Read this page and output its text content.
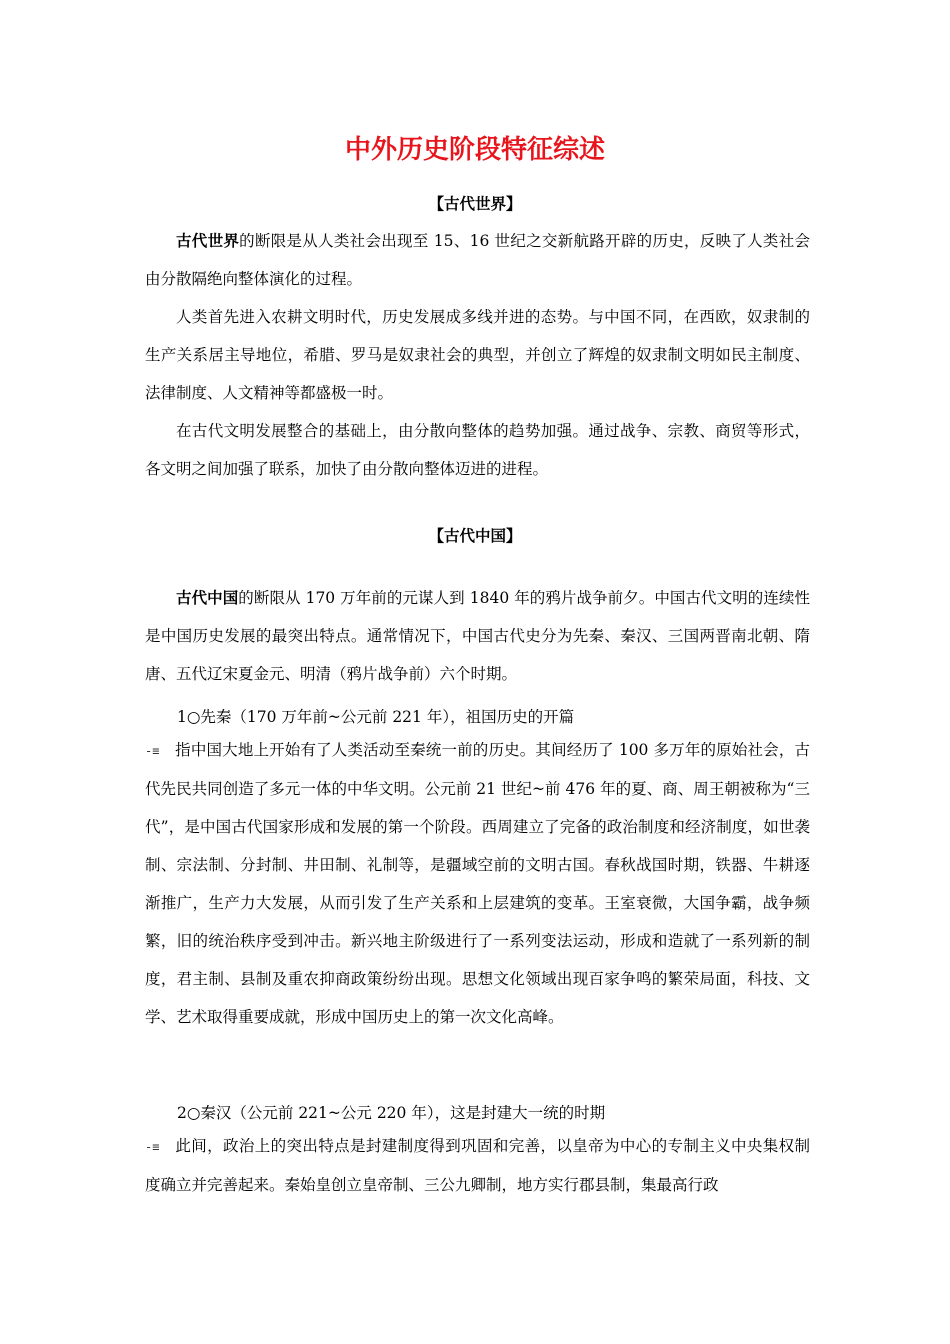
中外历史阶段特征综述
【古代世界】

古代世界的断限是从人类社会出现至 15、16 世纪之交新航路开辟的历史，反映了人类社会由分散隔绝向整体演化的过程。

人类首先进入农耕文明时代，历史发展成多线并进的态势。与中国不同，在西欧，奴隶制的生产关系居主导地位，希腊、罗马是奴隶社会的典型，并创立了辉煌的奴隶制文明如民主制度、法律制度、人文精神等都盛极一时。

在古代文明发展整合的基础上，由分散向整体的趋势加强。通过战争、宗教、商贸等形式，各文明之间加强了联系，加快了由分散向整体迈进的进程。

【古代中国】

古代中国的断限从 170 万年前的元谋人到 1840 年的鸦片战争前夕。中国古代文明的连续性是中国历史发展的最突出特点。通常情况下，中国古代史分为先秦、秦汉、三国两晋南北朝、隋唐、五代辽宋夏金元、明清（鸦片战争前）六个时期。

1○先秦（170 万年前~公元前 221 年），祖国历史的开篇

-≡ 指中国大地上开始有了人类活动至秦统一前的历史。其间经历了 100 多万年的原始社会，古代先民共同创造了多元一体的中华文明。公元前 21 世纪~前 476 年的夏、商、周王朝被称为“三代”，是中国古代国家形成和发展的第一个阶段。西周建立了完备的政治制度和经济制度，如世袭制、宗法制、分封制、井田制、礼制等，是疆域空前的文明古国。春秋战国时期，铁器、牛耕逐渐推广，生产力大发展，从而引发了生产关系和上层建筑的变革。王室衰微，大国争霸，战争频繁，旧的统治秩序受到冲击。新兴地主阶级进行了一系列变法运动，形成和造就了一系列新的制度，君主制、县制及重农抑商政策纷纷出现。思想文化领域出现百家争鸣的繁荣局面，科技、文学、艺术取得重要成就，形成中国历史上的第一次文化高峰。

2○秦汉（公元前 221~公元 220 年），这是封建大一统的时期

-≡ 此间，政治上的突出特点是封建制度得到巩固和完善，以皇帝为中心的专制主义中央集权制度确立并完善起来。秦始皇创立皇帝制、三公九卿制，地方实行郡县制，集最高行政
